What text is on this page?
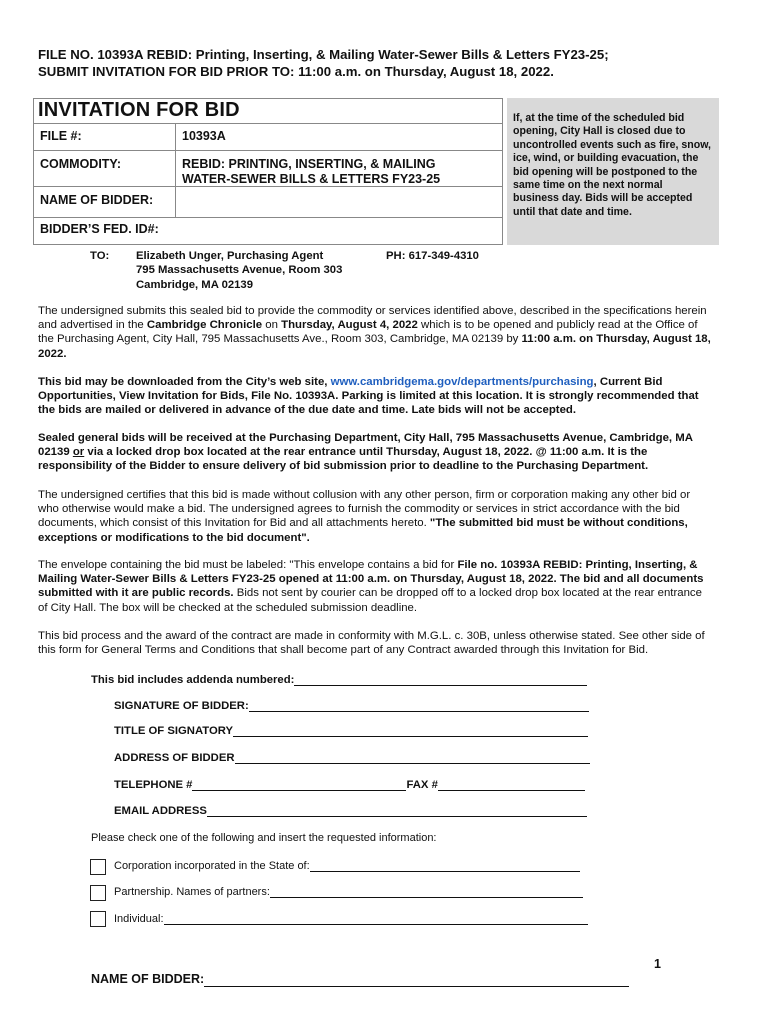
FILE NO. 10393A REBID: Printing, Inserting, & Mailing Water-Sewer Bills & Letters FY23-25;
SUBMIT INVITATION FOR BID PRIOR TO: 11:00 a.m. on Thursday, August 18, 2022.
INVITATION FOR BID
FILE #:	10393A
COMMODITY:	REBID: PRINTING, INSERTING, & MAILING
WATER-SEWER BILLS & LETTERS FY23-25
NAME OF BIDDER:
BIDDER’S FED. ID#:
If, at the time of the scheduled bid opening, City Hall is closed due to uncontrolled events such as fire, snow, ice, wind, or building evacuation, the bid opening will be postponed to the same time on the next normal business day. Bids will be accepted until that date and time.
TO: Elizabeth Unger, Purchasing Agent
795 Massachusetts Avenue, Room 303
Cambridge, MA 02139
PH: 617-349-4310
The undersigned submits this sealed bid to provide the commodity or services identified above, described in the specifications herein and advertised in the Cambridge Chronicle on Thursday, August 4, 2022 which is to be opened and publicly read at the Office of the Purchasing Agent, City Hall, 795 Massachusetts Ave., Room 303, Cambridge, MA 02139 by 11:00 a.m. on Thursday, August 18, 2022.
This bid may be downloaded from the City’s web site, www.cambridgema.gov/departments/purchasing, Current Bid Opportunities, View Invitation for Bids, File No. 10393A. Parking is limited at this location. It is strongly recommended that the bids are mailed or delivered in advance of the due date and time. Late bids will not be accepted.
Sealed general bids will be received at the Purchasing Department, City Hall, 795 Massachusetts Avenue, Cambridge, MA 02139 or via a locked drop box located at the rear entrance until Thursday, August 18, 2022. @ 11:00 a.m. It is the responsibility of the Bidder to ensure delivery of bid submission prior to deadline to the Purchasing Department.
The undersigned certifies that this bid is made without collusion with any other person, firm or corporation making any other bid or who otherwise would make a bid. The undersigned agrees to furnish the commodity or services in strict accordance with the bid documents, which consist of this Invitation for Bid and all attachments hereto. "The submitted bid must be without conditions, exceptions or modifications to the bid document".
The envelope containing the bid must be labeled: "This envelope contains a bid for File no. 10393A REBID: Printing, Inserting, & Mailing Water-Sewer Bills & Letters FY23-25 opened at 11:00 a.m. on Thursday, August 18, 2022. The bid and all documents submitted with it are public records. Bids not sent by courier can be dropped off to a locked drop box located at the rear entrance of City Hall. The box will be checked at the scheduled submission deadline.
This bid process and the award of the contract are made in conformity with M.G.L. c. 30B, unless otherwise stated. See other side of this form for General Terms and Conditions that shall become part of any Contract awarded through this Invitation for Bid.
This bid includes addenda numbered:
SIGNATURE OF BIDDER:
TITLE OF SIGNATORY
ADDRESS OF BIDDER
TELEPHONE #	FAX #
EMAIL ADDRESS
Please check one of the following and insert the requested information:
Corporation incorporated in the State of:
Partnership. Names of partners:
Individual:
1
NAME OF BIDDER:
